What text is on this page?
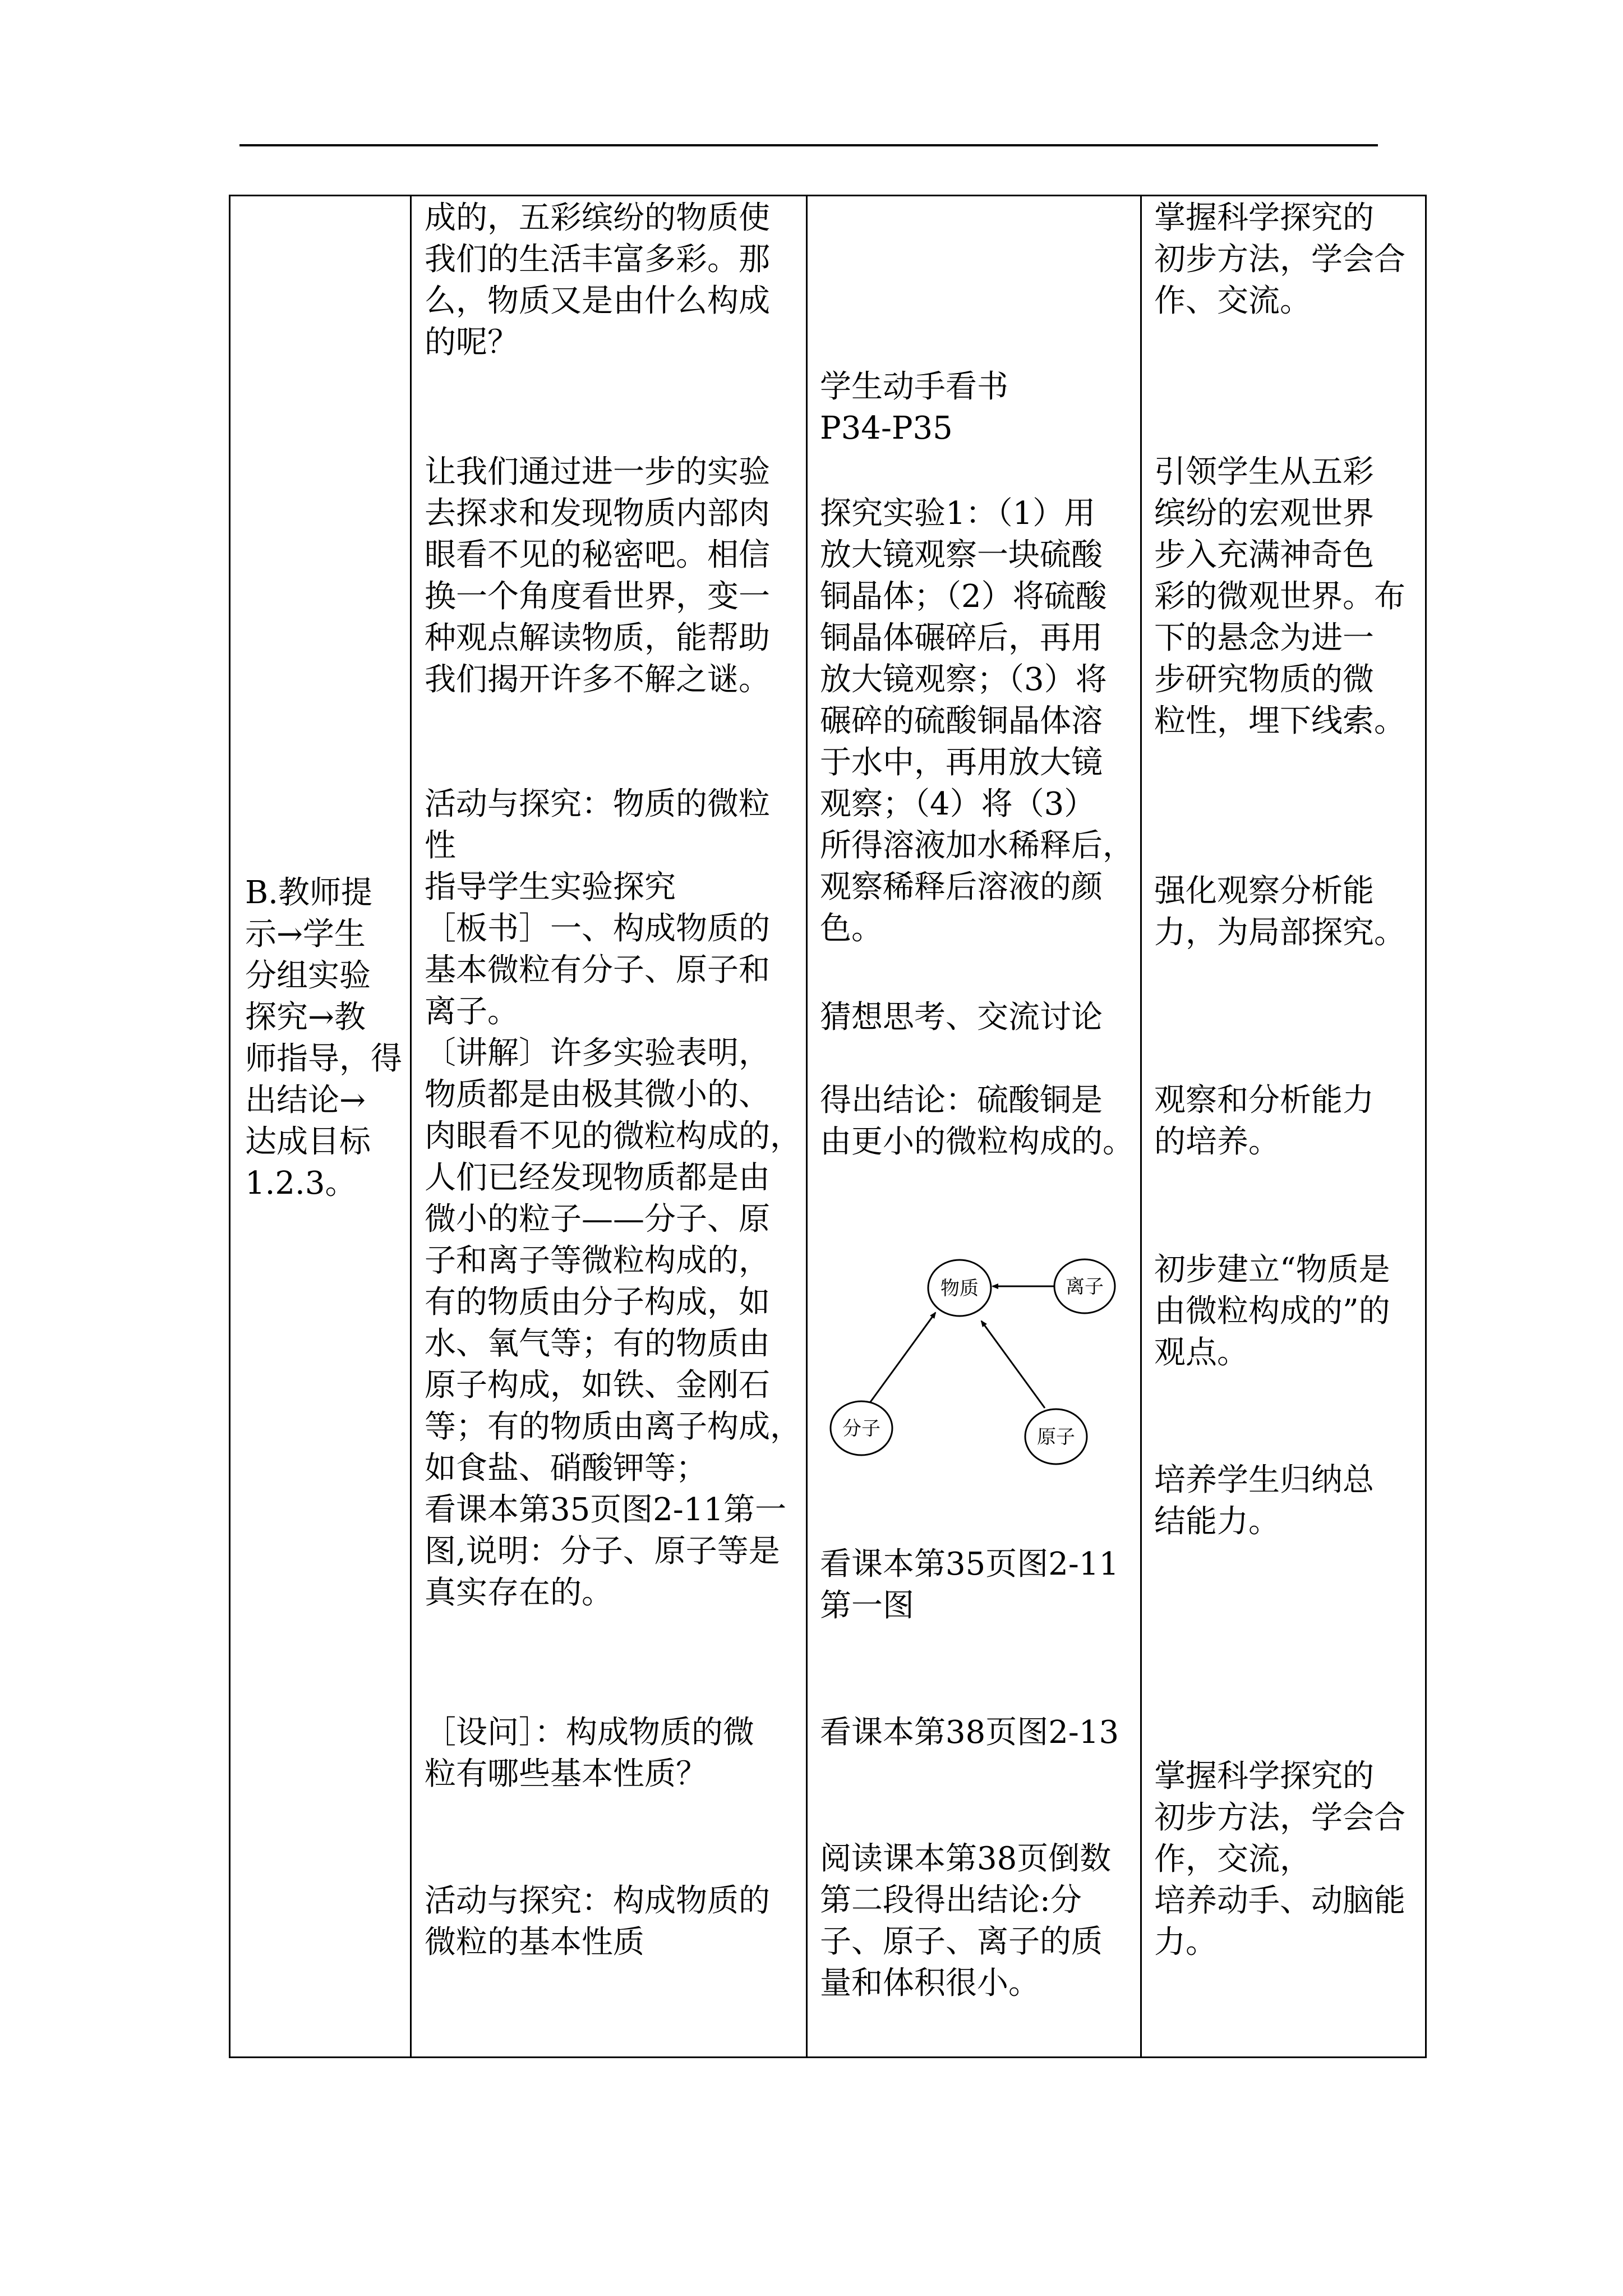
B.教师提
示→学生
分组实验
探究→教
师指导，得
出结论→
达成目标
1.2.3。

成的，五彩缤纷的物质使
我们的生活丰富多彩。那
么，物质又是由什么构成
的呢？

让我们通过进一步的实验
去探求和发现物质内部肉
眼看不见的秘密吧。相信
换一个角度看世界，变一
种观点解读物质，能帮助
我们揭开许多不解之谜。

活动与探究：物质的微粒
性
指导学生实验探究
［板书］一、构成物质的
基本微粒有分子、原子和
离子。
〔讲解〕许多实验表明，
物质都是由极其微小的、
肉眼看不见的微粒构成的，
人们已经发现物质都是由
微小的粒子——分子、原
子和离子等微粒构成的，
有的物质由分子构成，如
水、氧气等；有的物质由
原子构成，如铁、金刚石
等；有的物质由离子构成，
如食盐、硝酸钾等；
看课本第35页图2-11第一
图,说明：分子、原子等是
真实存在的。

［设问］：构成物质的微
粒有哪些基本性质？

活动与探究：构成物质的
微粒的基本性质

学生动手看书
P34-P35

探究实验1：（1）用
放大镜观察一块硫酸
铜晶体；（2）将硫酸
铜晶体碾碎后，再用
放大镜观察；（3）将
碾碎的硫酸铜晶体溶
于水中，再用放大镜
观察；（4）将（3）
所得溶液加水稀释后，
观察稀释后溶液的颜
色。

猜想思考、交流讨论

得出结论：硫酸铜是
由更小的微粒构成的。

物质	离子
分子	原子

看课本第35页图2-11
第一图

看课本第38页图2-13

阅读课本第38页倒数
第二段得出结论:分
子、原子、离子的质
量和体积很小。

掌握科学探究的
初步方法，学会合
作、交流。

引领学生从五彩
缤纷的宏观世界
步入充满神奇色
彩的微观世界。布
下的悬念为进一
步研究物质的微
粒性，埋下线索。

强化观察分析能
力，为局部探究。

观察和分析能力
的培养。

初步建立“物质是
由微粒构成的”的
观点。

培养学生归纳总
结能力。

掌握科学探究的
初步方法，学会合
作，交流，
培养动手、动脑能
力。
